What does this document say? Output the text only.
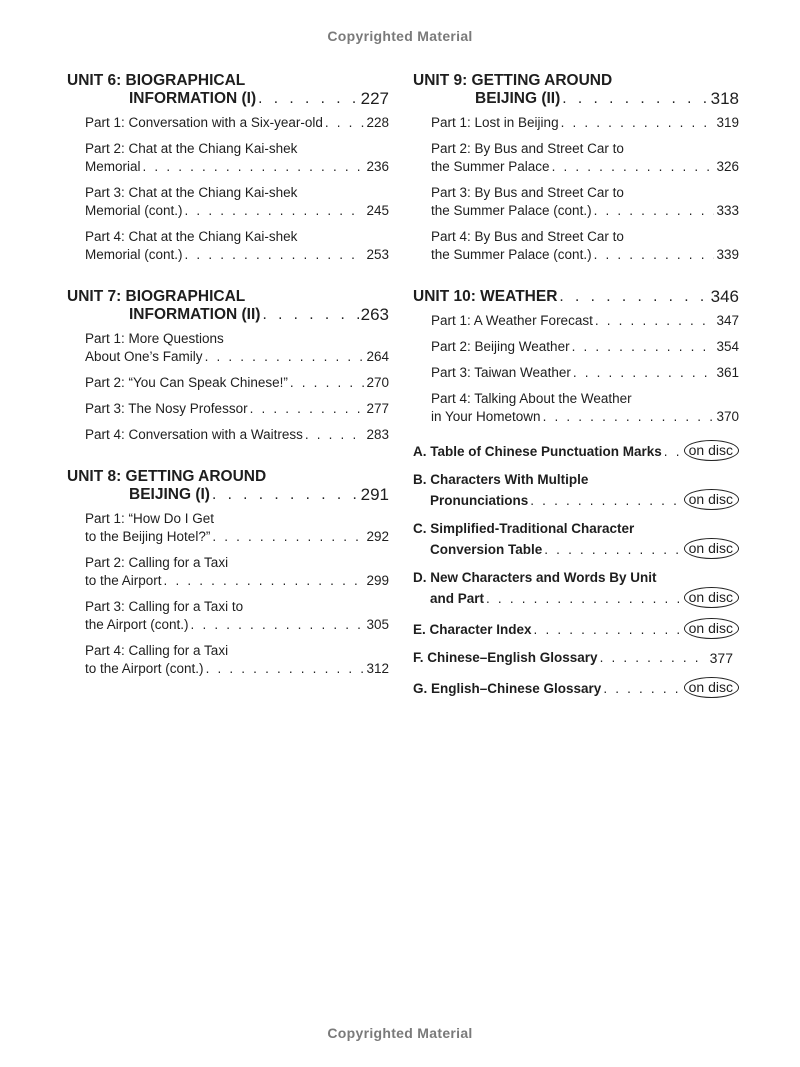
Copyrighted Material
UNIT 6: BIOGRAPHICAL
INFORMATION (I) . . .	227
Part 1: Conversation with a Six-year-old . . .	228
Part 2: Chat at the Chiang Kai-shek
Memorial . . .	236
Part 3: Chat at the Chiang Kai-shek
Memorial (cont.) . . .	245
Part 4: Chat at the Chiang Kai-shek
Memorial (cont.) . . .	253
UNIT 7: BIOGRAPHICAL
INFORMATION (II) . . .	263
Part 1: More Questions
About One’s Family . . .	264
Part 2: “You Can Speak Chinese!” . . .	270
Part 3: The Nosy Professor . . .	277
Part 4: Conversation with a Waitress . . .	283
UNIT 8: GETTING AROUND
BEIJING (I) . . .	291
Part 1: “How Do I Get
to the Beijing Hotel?” . . .	292
Part 2: Calling for a Taxi
to the Airport . . .	299
Part 3: Calling for a Taxi to
the Airport (cont.) . . .	305
Part 4: Calling for a Taxi
to the Airport (cont.) . . .	312
UNIT 9: GETTING AROUND
BEIJING (II) . . .	318
Part 1: Lost in Beijing . . .	319
Part 2: By Bus and Street Car to
the Summer Palace . . .	326
Part 3: By Bus and Street Car to
the Summer Palace (cont.) . . .	333
Part 4: By Bus and Street Car to
the Summer Palace (cont.) . . .	339
UNIT 10: WEATHER . . .	346
Part 1: A Weather Forecast . . .	347
Part 2: Beijing Weather . . .	354
Part 3: Taiwan Weather . . .	361
Part 4: Talking About the Weather
in Your Hometown . . .	370
A. Table of Chinese Punctuation Marks . . .	on disc
B. Characters With Multiple
Pronunciations . . .	on disc
C. Simplified-Traditional Character
Conversion Table . . .	on disc
D. New Characters and Words By Unit
and Part . . .	on disc
E. Character Index . . .	on disc
F. Chinese–English Glossary . . .	377
G. English–Chinese Glossary . . .	on disc
Copyrighted Material
